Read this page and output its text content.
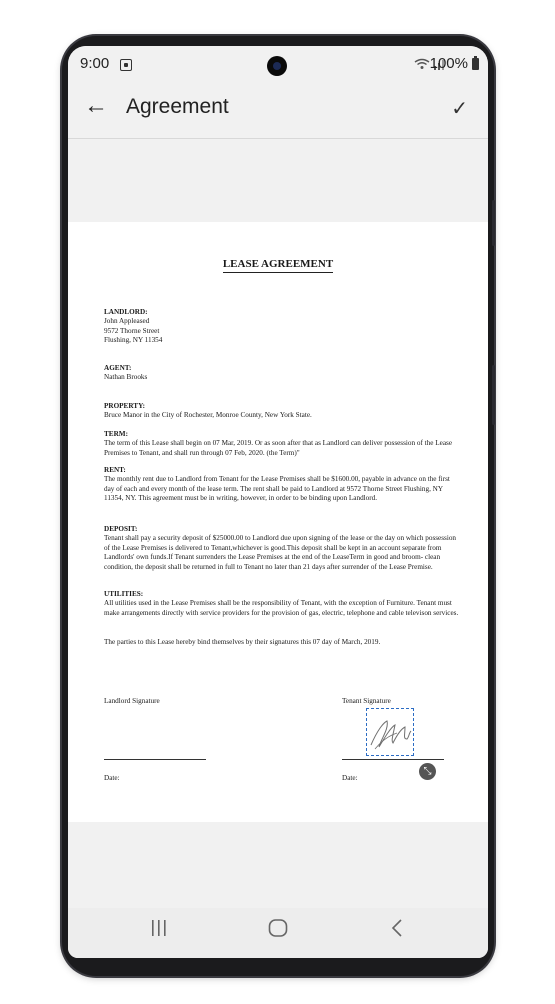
9:00	100%
← Agreement	✓
LEASE AGREEMENT

LANDLORD:

John Appleased

9572 Thorne Street

Flushing, NY 11354

AGENT:

Nathan Brooks

PROPERTY:

Bruce Manor in the City of Rochester, Monroe County, New York State.

TERM:

The term of this Lease shall begin on 07 Mar, 2019. Or as soon after that as Landlord can deliver possession of the Lease Premises to Tenant, and shall run through 07 Feb, 2020. (the Term)"

RENT:

The monthly rent due to Landlord from Tenant for the Lease Premises shall be $1600.00, payable in advance on the first day of each and every month of the lease term. The rent shall be paid to Landlord at 9572 Thorne Street Flushing, NY 11354, NY. This agreement must be in writing, however, in order to be binding upon Landlord.

DEPOSIT:

Tenant shall pay a security deposit of $25000.00 to Landlord due upon signing of the lease or the day on which possession of the Lease Premises is delivered to Tenant,whichever is good.This deposit shall be kept in an account separate from Landlords' own funds.If Tenant surrenders the Lease Premises at the end of the LeaseTerm in good and broom- clean condition, the deposit shall be returned in full to Tenant no later than 21 days after surrender of the Lease Premise.

UTILITIES:

All utilities used in the Lease Premises shall be the responsibility of Tenant, with the exception of Furniture. Tenant must make arrangements directly with service providers for the provision of gas, electric, telephone and cable televison services.

The parties to this Lease hereby bind themselves by their signatures this 07 day of March, 2019.

Landlord Signature	Tenant Signature
⤡
Date:	Date:
